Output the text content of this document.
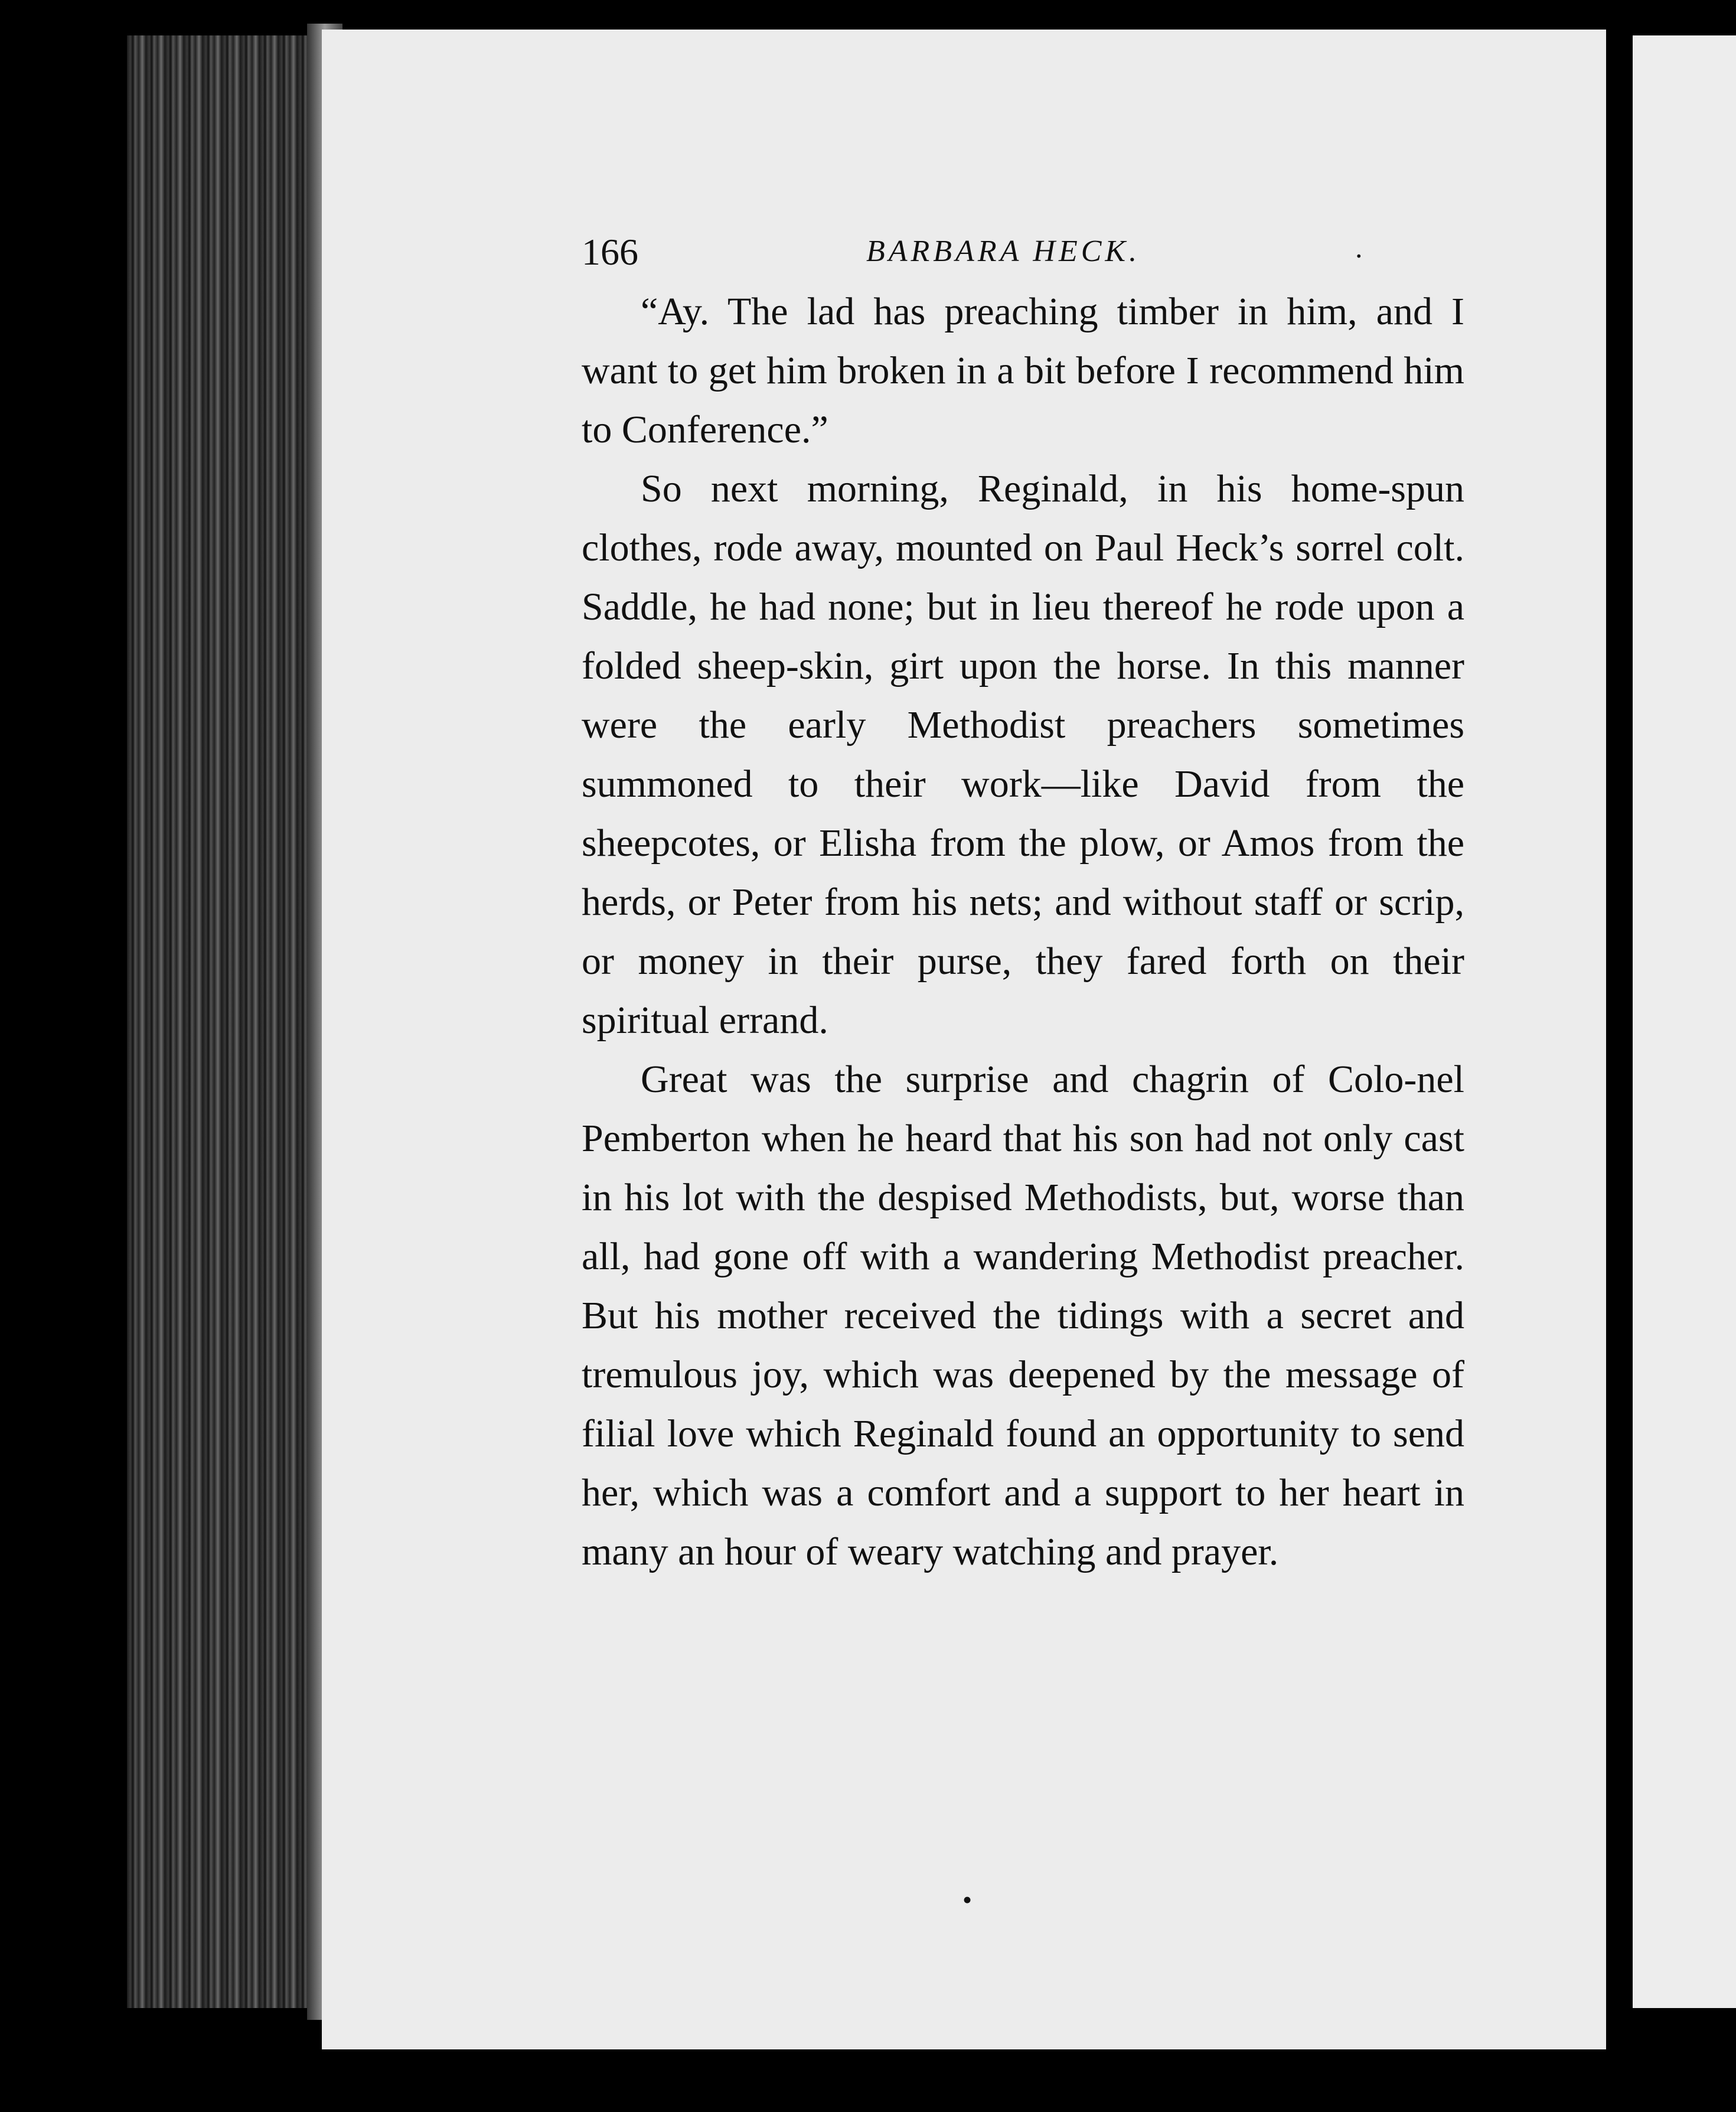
166	BARBARA HECK.	.

“Ay. The lad has preaching timber in him, and I want to get him broken in a bit before I recommend him to Conference.”

So next morning, Reginald, in his home-spun clothes, rode away, mounted on Paul Heck’s sorrel colt. Saddle, he had none; but in lieu thereof he rode upon a folded sheep-skin, girt upon the horse. In this manner were the early Methodist preachers sometimes summoned to their work—like David from the sheepcotes, or Elisha from the plow, or Amos from the herds, or Peter from his nets; and without staff or scrip, or money in their purse, they fared forth on their spiritual errand.

Great was the surprise and chagrin of Colo-nel Pemberton when he heard that his son had not only cast in his lot with the despised Methodists, but, worse than all, had gone off with a wandering Methodist preacher. But his mother received the tidings with a secret and tremulous joy, which was deepened by the message of filial love which Reginald found an opportunity to send her, which was a comfort and a support to her heart in many an hour of weary watching and prayer.

•
